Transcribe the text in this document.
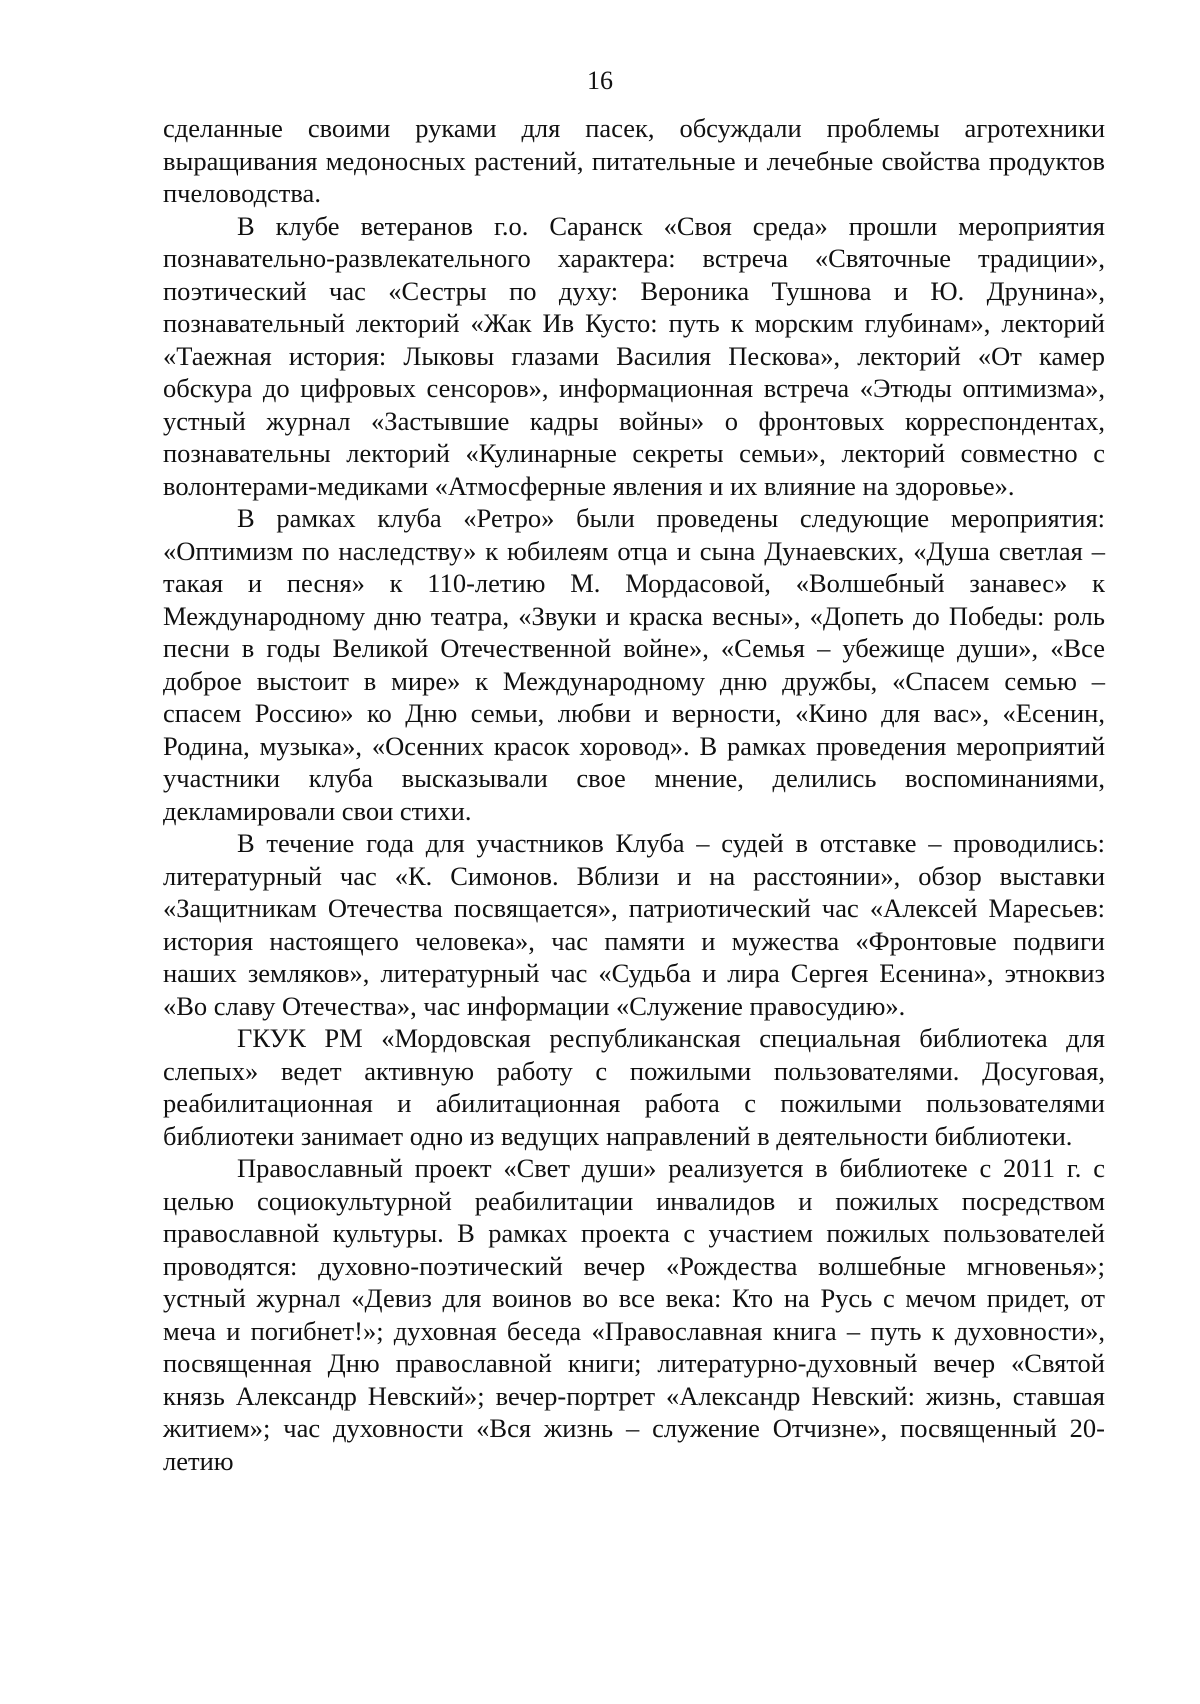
16

сделанные своими руками для пасек, обсуждали проблемы агротехники выращивания медоносных растений, питательные и лечебные свойства продуктов пчеловодства.

В клубе ветеранов г.о. Саранск «Своя среда» прошли мероприятия познавательно-развлекательного характера: встреча «Святочные традиции», поэтический час «Сестры по духу: Вероника Тушнова и Ю. Друнина», познавательный лекторий «Жак Ив Кусто: путь к морским глубинам», лекторий «Таежная история: Лыковы глазами Василия Пескова», лекторий «От камер обскура до цифровых сенсоров», информационная встреча «Этюды оптимизма», устный журнал «Застывшие кадры войны» о фронтовых корреспондентах, познавательны лекторий «Кулинарные секреты семьи», лекторий совместно с волонтерами-медиками «Атмосферные явления и их влияние на здоровье».

В рамках клуба «Ретро» были проведены следующие мероприятия: «Оптимизм по наследству» к юбилеям отца и сына Дунаевских, «Душа светлая – такая и песня» к 110-летию М. Мордасовой, «Волшебный занавес» к Международному дню театра, «Звуки и краска весны», «Допеть до Победы: роль песни в годы Великой Отечественной войне», «Семья – убежище души», «Все доброе выстоит в мире» к Международному дню дружбы, «Спасем семью – спасем Россию» ко Дню семьи, любви и верности, «Кино для вас», «Есенин, Родина, музыка», «Осенних красок хоровод». В рамках проведения мероприятий участники клуба высказывали свое мнение, делились воспоминаниями, декламировали свои стихи.

В течение года для участников Клуба – судей в отставке – проводились: литературный час «К. Симонов. Вблизи и на расстоянии», обзор выставки «Защитникам Отечества посвящается», патриотический час «Алексей Маресьев: история настоящего человека», час памяти и мужества «Фронтовые подвиги наших земляков», литературный час «Судьба и лира Сергея Есенина», этноквиз «Во славу Отечества», час информации «Служение правосудию».

ГКУК РМ «Мордовская республиканская специальная библиотека для слепых» ведет активную работу с пожилыми пользователями. Досуговая, реабилитационная и абилитационная работа с пожилыми пользователями библиотеки занимает одно из ведущих направлений в деятельности библиотеки.

Православный проект «Свет души» реализуется в библиотеке с 2011 г. с целью социокультурной реабилитации инвалидов и пожилых посредством православной культуры. В рамках проекта с участием пожилых пользователей проводятся: духовно-поэтический вечер «Рождества волшебные мгновенья»; устный журнал «Девиз для воинов во все века: Кто на Русь с мечом придет, от меча и погибнет!»; духовная беседа «Православная книга – путь к духовности», посвященная Дню православной книги; литературно-духовный вечер «Святой князь Александр Невский»; вечер-портрет «Александр Невский: жизнь, ставшая житием»; час духовности «Вся жизнь – служение Отчизне», посвященный 20-летию
